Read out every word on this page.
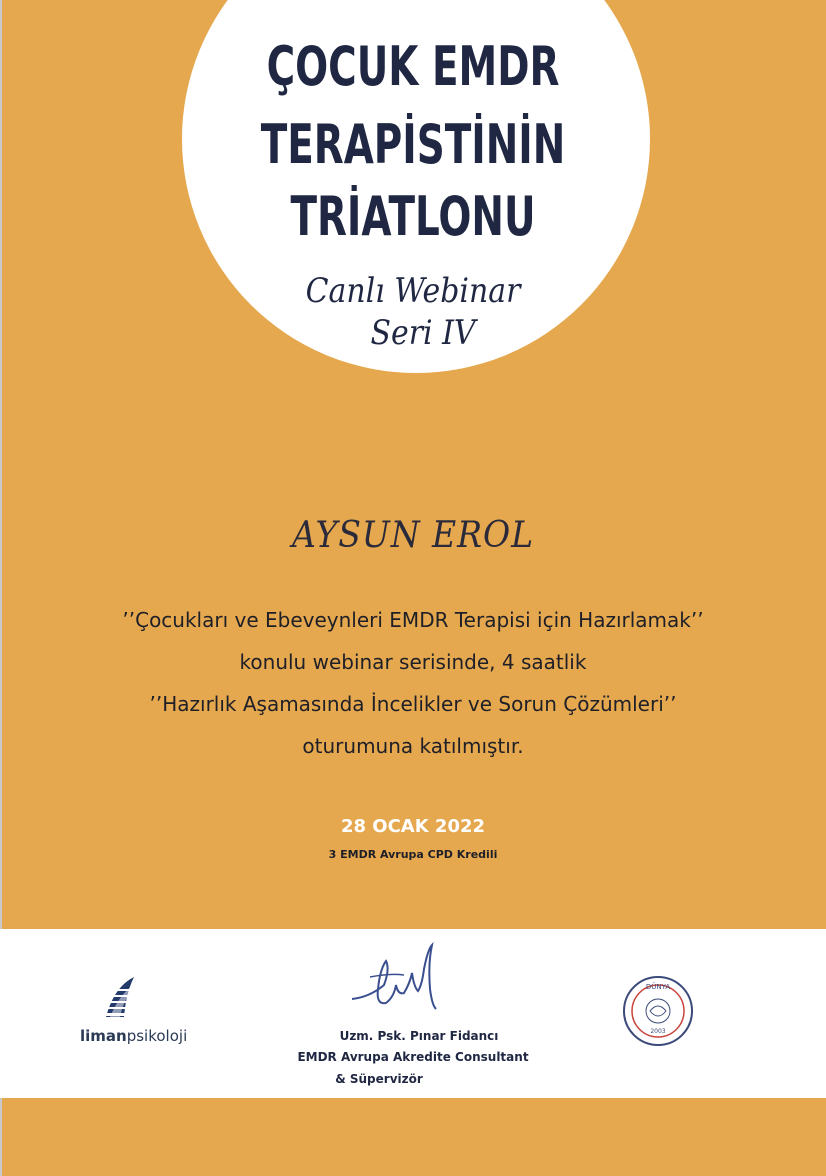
ÇOCUK EMDR
TERAPİSTİNİN
TRİATLONU
Canlı Webinar
Seri IV
AYSUN EROL
’’Çocukları ve Ebeveynleri EMDR Terapisi için Hazırlamak’’
konulu webinar serisinde, 4 saatlik
’’Hazırlık Aşamasında İncelikler ve Sorun Çözümleri’’
oturumuna katılmıştır.
28 OCAK 2022
3 EMDR Avrupa CPD Kredili
limanpsikoloji	Uzm. Psk. Pınar Fidancı
EMDR Avrupa Akredite Consultant
& Süpervizör
DÜNYA
2003
